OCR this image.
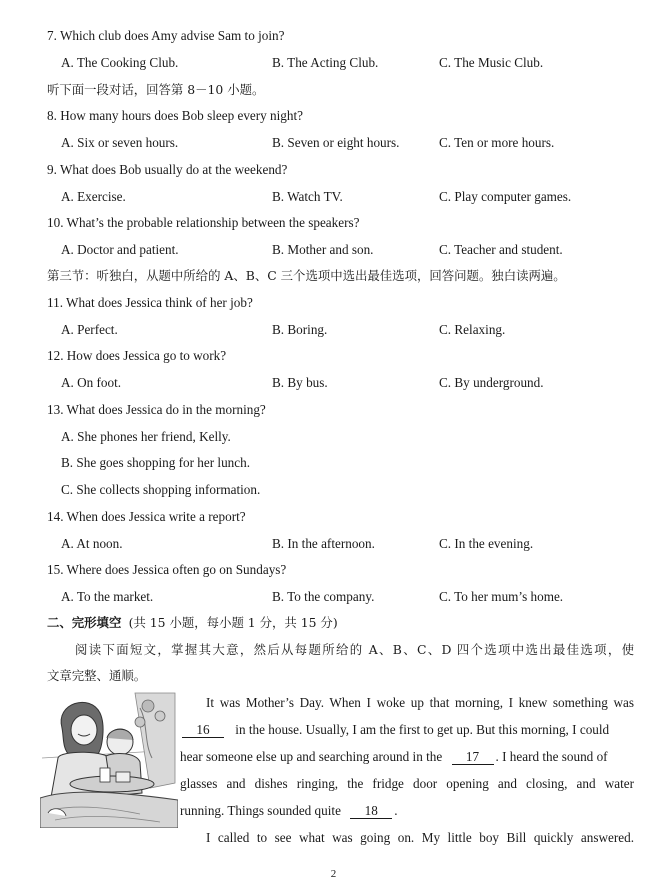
7. Which club does Amy advise Sam to join?
A. The Cooking Club.	B. The Acting Club.	C. The Music Club.
听下面一段对话，回答第 8－10 小题。
8. How many hours does Bob sleep every night?
A. Six or seven hours.	B. Seven or eight hours.	C. Ten or more hours.
9. What does Bob usually do at the weekend?
A. Exercise.	B. Watch TV.	C. Play computer games.
10. What’s the probable relationship between the speakers?
A. Doctor and patient.	B. Mother and son.	C. Teacher and student.
第三节：听独白，从题中所给的 A、B、C 三个选项中选出最佳选项，回答问题。独白读两遍。
11. What does Jessica think of her job?
A. Perfect.	B. Boring.	C. Relaxing.
12. How does Jessica go to work?
A. On foot.	B. By bus.	C. By underground.
13. What does Jessica do in the morning?
A. She phones her friend, Kelly.
B. She goes shopping for her lunch.
C. She collects shopping information.
14. When does Jessica write a report?
A. At noon.	B. In the afternoon.	C. In the evening.
15. Where does Jessica often go on Sundays?
A. To the market.	B. To the company.	C. To her mum’s home.
二、完形填空 (共 15 小题，每小题 1 分，共 15 分)
阅读下面短文，掌握其大意，然后从每题所给的 A、B、C、D 四个选项中选出最佳选项，使
文章完整、通顺。
It was Mother’s Day. When I woke up that morning, I knew something was
16 in the house. Usually, I am the first to get up. But this morning, I could
hear someone else up and searching around in the 17 . I heard the sound of
glasses and dishes ringing, the fridge door opening and closing, and water
running. Things sounded quite 18 .
I called to see what was going on. My little boy Bill quickly answered.
2
